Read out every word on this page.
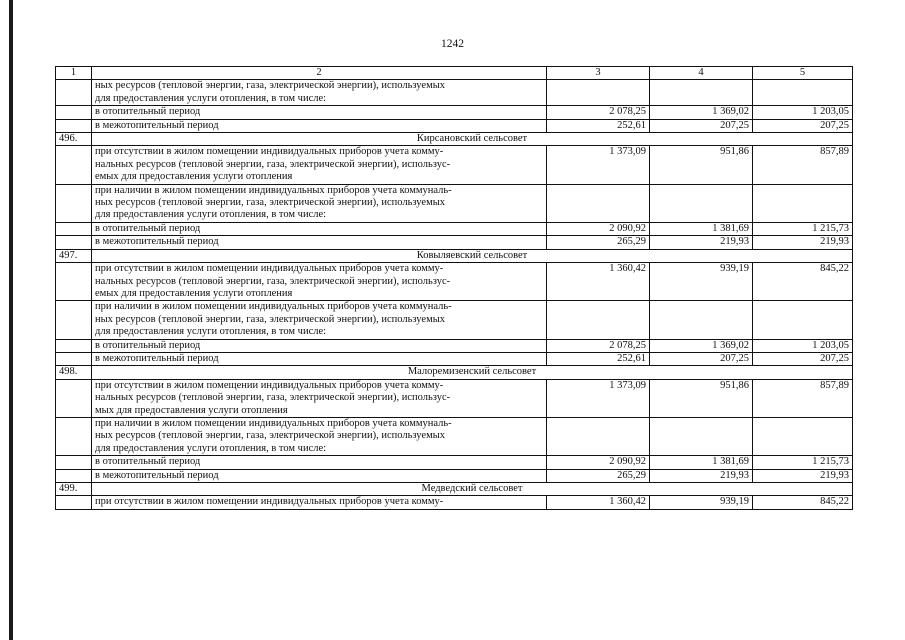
1242
1	2	3	4	5

	ных ресурсов (тепловой энергии, газа, электрической энергии), используемых
для предоставления услуги отопления, в том числе:			

	в отопительный период	2 078,25	1 369,02	1 203,05

	в межотопительный период	252,61	207,25	207,25
496.	Кирсановский сельсовет			

	при отсутствии в жилом помещении индивидуальных приборов учета комму-
нальных ресурсов (тепловой энергии, газа, электрической энергии), использус-
емых для предоставления услуги отопления	1 373,09	951,86	857,89

	при наличии в жилом помещении индивидуальных приборов учета коммуналь-
ных ресурсов (тепловой энергии, газа, электрической энергии), используемых
для предоставления услуги отопления, в том числе:			

	в отопительный период	2 090,92	1 381,69	1 215,73

	в межотопительный период	265,29	219,93	219,93
497.	Ковыляевский сельсовет			

	при отсутствии в жилом помещении индивидуальных приборов учета комму-
нальных ресурсов (тепловой энергии, газа, электрической энергии), использус-
емых для предоставления услуги отопления	1 360,42	939,19	845,22

	при наличии в жилом помещении индивидуальных приборов учета коммуналь-
ных ресурсов (тепловой энергии, газа, электрической энергии), используемых
для предоставления услуги отопления, в том числе:			

	в отопительный период	2 078,25	1 369,02	1 203,05

	в межотопительный период	252,61	207,25	207,25
498.	Малоремизенский сельсовет			

	при отсутствии в жилом помещении индивидуальных приборов учета комму-
нальных ресурсов (тепловой энергии, газа, электрической энергии), использус-
мых для предоставления услуги отопления	1 373,09	951,86	857,89

	при наличии в жилом помещении индивидуальных приборов учета коммуналь-
ных ресурсов (тепловой энергии, газа, электрической энергии), используемых
для предоставления услуги отопления, в том числе:			

	в отопительный период	2 090,92	1 381,69	1 215,73

	в межотопительный период	265,29	219,93	219,93
499.	Медведский сельсовет			

	при отсутствии в жилом помещении индивидуальных приборов учета комму-	1 360,42	939,19	845,22
